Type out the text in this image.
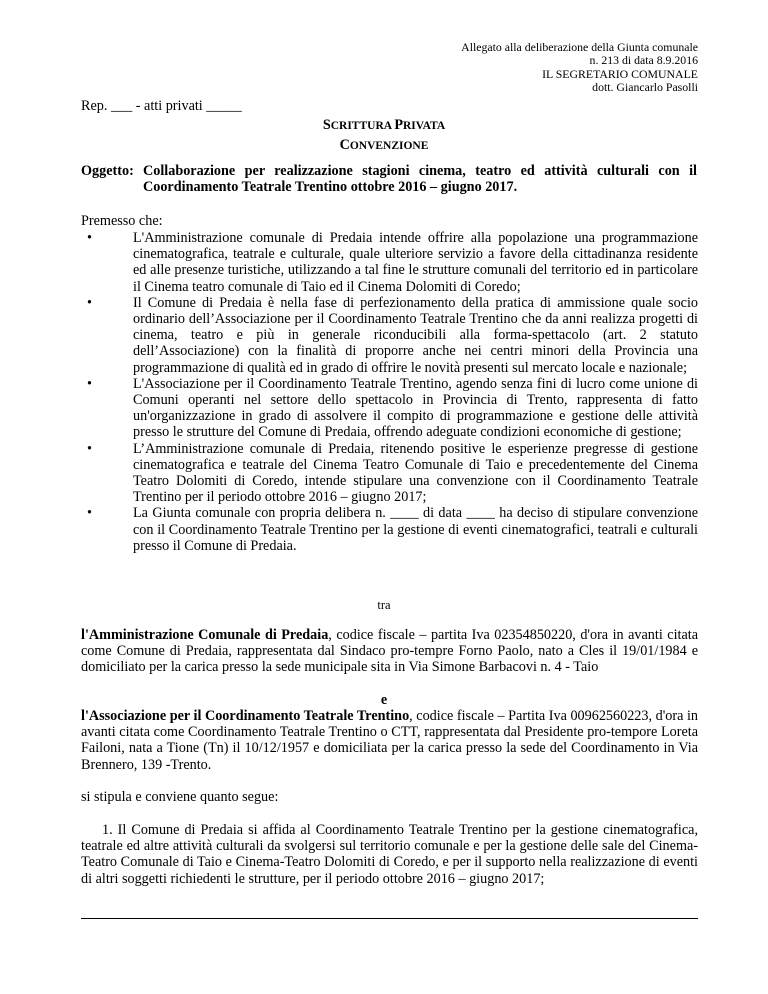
Allegato alla deliberazione della Giunta comunale
n. 213 di data 8.9.2016
IL SEGRETARIO COMUNALE
dott. Giancarlo Pasolli
Rep. ___ - atti privati _____
SCRITTURA PRIVATA
CONVENZIONE
Oggetto: Collaborazione per realizzazione stagioni cinema, teatro ed attività culturali con il Coordinamento Teatrale Trentino ottobre 2016 – giugno 2017.
Premesso che:
•	L'Amministrazione comunale di Predaia intende offrire alla popolazione una programmazione cinematografica, teatrale e culturale, quale ulteriore servizio a favore della cittadinanza residente ed alle presenze turistiche, utilizzando a tal fine le strutture comunali del territorio ed in particolare il Cinema teatro comunale di Taio ed il Cinema Dolomiti di Coredo;
•	Il Comune di Predaia è nella fase di perfezionamento della pratica di ammissione quale socio ordinario dell’Associazione per il Coordinamento Teatrale Trentino che da anni realizza progetti di cinema, teatro e più in generale riconducibili alla forma-spettacolo (art. 2 statuto dell’Associazione) con la finalità di proporre anche nei centri minori della Provincia una programmazione di qualità ed in grado di offrire le novità presenti sul mercato locale e nazionale;
•	L'Associazione per il Coordinamento Teatrale Trentino, agendo senza fini di lucro come unione di Comuni operanti nel settore dello spettacolo in Provincia di Trento, rappresenta di fatto un'organizzazione in grado di assolvere il compito di programmazione e gestione delle attività presso le strutture del Comune di Predaia, offrendo adeguate condizioni economiche di gestione;
•	L’Amministrazione comunale di Predaia, ritenendo positive le esperienze pregresse di gestione cinematografica e teatrale del Cinema Teatro Comunale di Taio e precedentemente del Cinema Teatro Dolomiti di Coredo, intende stipulare una convenzione con il Coordinamento Teatrale Trentino per il periodo ottobre 2016 – giugno 2017;
•	La Giunta comunale con propria delibera n. ____ di data ____ ha deciso di stipulare convenzione con il Coordinamento Teatrale Trentino per la gestione di eventi cinematografici, teatrali e culturali presso il Comune di Predaia.
tra
l'Amministrazione Comunale di Predaia, codice fiscale – partita Iva 02354850220, d'ora in avanti citata come Comune di Predaia, rappresentata dal Sindaco pro-tempre Forno Paolo, nato a Cles il 19/01/1984 e domiciliato per la carica presso la sede municipale sita in Via Simone Barbacovi n. 4 - Taio
e
l'Associazione per il Coordinamento Teatrale Trentino, codice fiscale – Partita Iva 00962560223, d'ora in avanti citata come Coordinamento Teatrale Trentino o CTT, rappresentata dal Presidente pro-tempore Loreta Failoni, nata a Tione (Tn) il 10/12/1957 e domiciliata per la carica presso la sede del Coordinamento in Via Brennero, 139 -Trento.
si stipula e conviene quanto segue:
1. Il Comune di Predaia si affida al Coordinamento Teatrale Trentino per la gestione cinematografica, teatrale ed altre attività culturali da svolgersi sul territorio comunale e per la gestione delle sale del Cinema-Teatro Comunale di Taio e Cinema-Teatro Dolomiti di Coredo, e per il supporto nella realizzazione di eventi di altri soggetti richiedenti le strutture, per il periodo ottobre 2016 – giugno 2017;
